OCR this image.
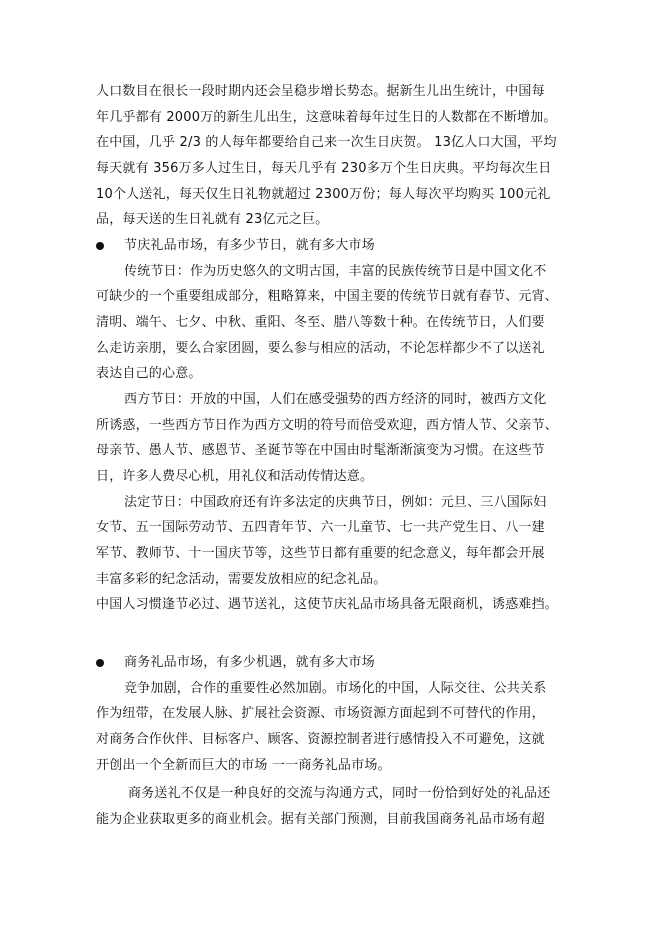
人口数目在很长一段时期内还会呈稳步增长势态。据新生儿出生统计，中国每
年几乎都有 2000万的新生儿出生，这意味着每年过生日的人数都在不断增加。
在中国，几乎 2/3 的人每年都要给自己来一次生日庆贺。 13亿人口大国，平均
每天就有 356万多人过生日，每天几乎有 230多万个生日庆典。平均每次生日
10个人送礼，每天仅生日礼物就超过 2300万份；每人每次平均购买 100元礼
品，每天送的生日礼就有 23亿元之巨。
节庆礼品市场，有多少节日，就有多大市场
传统节日：作为历史悠久的文明古国，丰富的民族传统节日是中国文化不
可缺少的一个重要组成部分，粗略算来，中国主要的传统节日就有春节、元宵、
清明、端午、七夕、中秋、重阳、冬至、腊八等数十种。在传统节日，人们要
么走访亲朋，要么合家团圆，要么参与相应的活动，不论怎样都少不了以送礼
表达自己的心意。
西方节日：开放的中国，人们在感受强势的西方经济的同时，被西方文化
所诱惑，一些西方节日作为西方文明的符号而倍受欢迎，西方情人节、父亲节、
母亲节、愚人节、感恩节、圣诞节等在中国由时髦渐渐演变为习惯。在这些节
日，许多人费尽心机，用礼仪和活动传情达意。
法定节日：中国政府还有许多法定的庆典节日，例如：元旦、三八国际妇
女节、五一国际劳动节、五四青年节、六一儿童节、七一共产党生日、八一建
军节、教师节、十一国庆节等，这些节日都有重要的纪念意义，每年都会开展
丰富多彩的纪念活动，需要发放相应的纪念礼品。
中国人习惯逢节必过、遇节送礼，这使节庆礼品市场具备无限商机，诱惑难挡。
商务礼品市场，有多少机遇，就有多大市场
竞争加剧，合作的重要性必然加剧。市场化的中国，人际交往、公共关系
作为纽带，在发展人脉、扩展社会资源、市场资源方面起到不可替代的作用，
对商务合作伙伴、目标客户、顾客、资源控制者进行感情投入不可避免，这就
开创出一个全新而巨大的市场 一一商务礼品市场。
商务送礼不仅是一种良好的交流与沟通方式，同时一份恰到好处的礼品还
能为企业获取更多的商业机会。据有关部门预测，目前我国商务礼品市场有超
